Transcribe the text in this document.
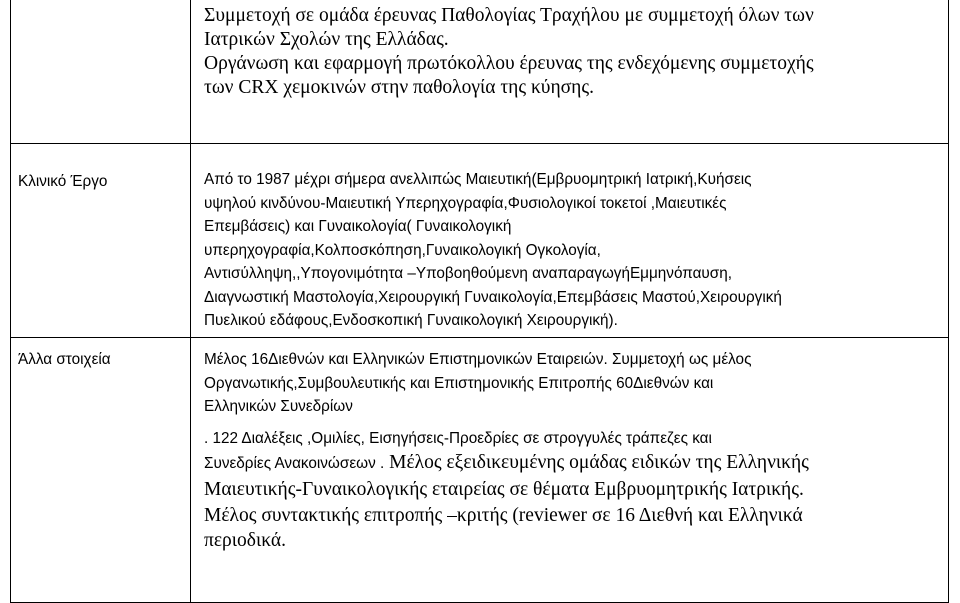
Συμμετοχή σε ομάδα έρευνας Παθολογίας Τραχήλου με συμμετοχή όλων των
Ιατρικών Σχολών της Ελλάδας.
Οργάνωση και εφαρμογή πρωτόκολλου έρευνας της ενδεχόμενης συμμετοχής
των CRX χεμοκινών στην παθολογία της κύησης.
Κλινικό Έργο	Από το 1987 μέχρι σήμερα ανελλιπώς Μαιευτική(Εμβρυομητρική Ιατρική,Κυήσεις
υψηλού κινδύνου-Μαιευτική Υπερηχογραφία,Φυσιολογικοί τοκετοί ,Μαιευτικές
Επεμβάσεις) και Γυναικολογία( Γυναικολογική
υπερηχογραφία,Κολποσκόπηση,Γυναικολογική Ογκολογία,
Αντισύλληψη,,Υπογονιμότητα –Υποβοηθούμενη αναπαραγωγήΕμμηνόπαυση,
Διαγνωστική Μαστολογία,Χειρουργική Γυναικολογία,Επεμβάσεις Μαστού,Χειρουργική
Πυελικού εδάφους,Ενδοσκοπική Γυναικολογική Χειρουργική).
Άλλα στοιχεία	Μέλος 16Διεθνών και Ελληνικών Επιστημονικών Εταιρειών. Συμμετοχή ως μέλος
Οργανωτικής,Συμβουλευτικής και Επιστημονικής Επιτροπής 60Διεθνών και
Ελληνικών Συνεδρίων
. 122 Διαλέξεις ,Ομιλίες, Εισηγήσεις-Προεδρίες σε στρογγυλές τράπεζες και
Συνεδρίες Ανακοινώσεων . Μέλος εξειδικευμένης ομάδας ειδικών της Ελληνικής
Μαιευτικής-Γυναικολογικής εταιρείας σε θέματα Εμβρυομητρικής Ιατρικής.
Μέλος συντακτικής επιτροπής –κριτής (reviewer σε 16 Διεθνή και Ελληνικά
περιοδικά.
